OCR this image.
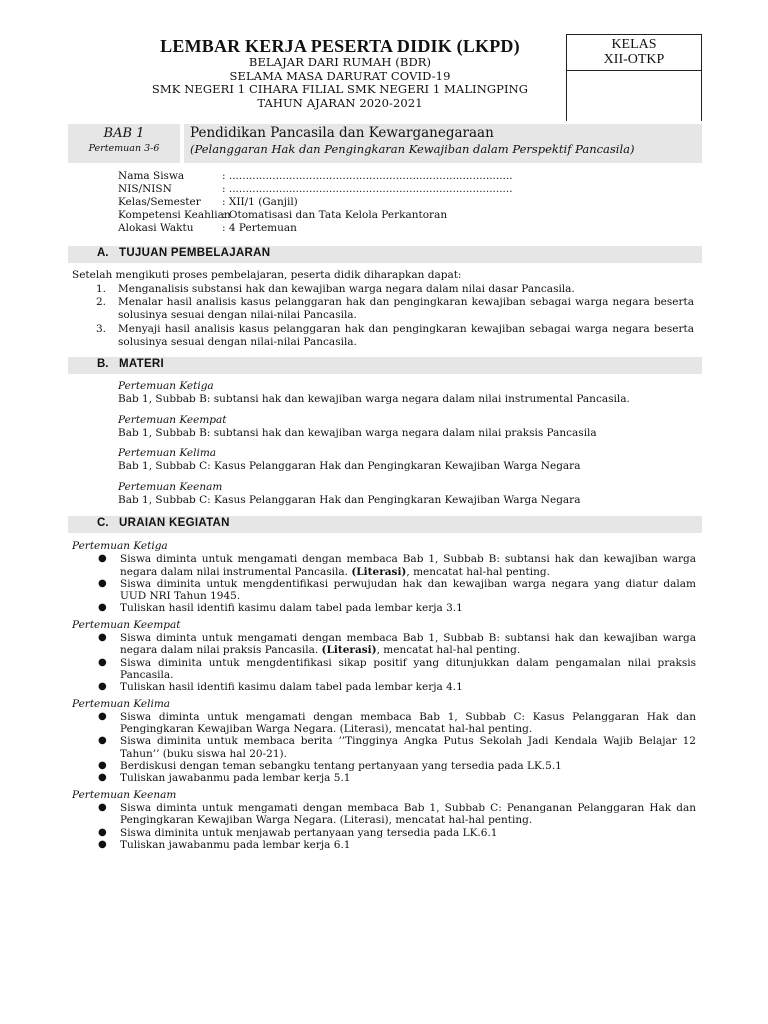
LEMBAR KERJA PESERTA DIDIK (LKPD)
BELAJAR DARI RUMAH (BDR)
SELAMA MASA DARURAT COVID-19
SMK NEGERI 1 CIHARA FILIAL SMK NEGERI 1 MALINGPING
TAHUN AJARAN 2020-2021
KELAS
XII-OTKP
BAB 1
Pertemuan 3-6
Pendidikan Pancasila dan Kewarganegaraan
(Pelanggaran Hak dan Pengingkaran Kewajiban dalam Perspektif Pancasila)
Nama Siswa	: .....................................................................................
NIS/NISN	: .....................................................................................
Kelas/Semester : XII/1 (Ganjil)
Kompetensi Keahlian
: Otomatisasi dan Tata Kelola Perkantoran
Alokasi Waktu	: 4 Pertemuan
A. TUJUAN PEMBELAJARAN
Setelah mengikuti proses pembelajaran, peserta didik diharapkan dapat:
1. Menganalisis substansi hak dan kewajiban warga negara dalam nilai dasar Pancasila.
2. Menalar hasil analisis kasus pelanggaran hak dan pengingkaran kewajiban sebagai warga negara beserta solusinya sesuai dengan nilai-nilai Pancasila.
3. Menyaji hasil analisis kasus pelanggaran hak dan pengingkaran kewajiban sebagai warga negara beserta solusinya sesuai dengan nilai-nilai Pancasila.
B. MATERI
Pertemuan Ketiga
Bab 1, Subbab B: subtansi hak dan kewajiban warga negara dalam nilai instrumental Pancasila.
Pertemuan Keempat
Bab 1, Subbab B: subtansi hak dan kewajiban warga negara dalam nilai praksis Pancasila
Pertemuan Kelima
Bab 1, Subbab C: Kasus Pelanggaran Hak dan Pengingkaran Kewajiban Warga Negara
Pertemuan Keenam
Bab 1, Subbab C: Kasus Pelanggaran Hak dan Pengingkaran Kewajiban Warga Negara
C. URAIAN KEGIATAN
Pertemuan Ketiga
● Siswa diminta untuk mengamati dengan membaca Bab 1, Subbab B: subtansi hak dan kewajiban warga negara dalam nilai instrumental Pancasila. (Literasi), mencatat hal-hal penting.
● Siswa diminita untuk mengdentifikasi perwujudan hak dan kewajiban warga negara yang diatur dalam UUD NRI Tahun 1945.
● Tuliskan hasil identifi kasimu dalam tabel pada lembar kerja 3.1
Pertemuan Keempat
● Siswa diminta untuk mengamati dengan membaca Bab 1, Subbab B: subtansi hak dan kewajiban warga negara dalam nilai praksis Pancasila. (Literasi), mencatat hal-hal penting.
● Siswa diminita untuk mengdentifikasi sikap positif yang ditunjukkan dalam pengamalan nilai praksis Pancasila.
● Tuliskan hasil identifi kasimu dalam tabel pada lembar kerja 4.1
Pertemuan Kelima
● Siswa diminta untuk mengamati dengan membaca Bab 1, Subbab C: Kasus Pelanggaran Hak dan Pengingkaran Kewajiban Warga Negara. (Literasi), mencatat hal-hal penting.
● Siswa diminita untuk membaca berita ’’Tingginya Angka Putus Sekolah Jadi Kendala Wajib Belajar 12 Tahun’’ (buku siswa hal 20-21).
● Berdiskusi dengan teman sebangku tentang pertanyaan yang tersedia pada LK.5.1
● Tuliskan jawabanmu pada lembar kerja 5.1
Pertemuan Keenam
● Siswa diminta untuk mengamati dengan membaca Bab 1, Subbab C: Penanganan Pelanggaran Hak dan Pengingkaran Kewajiban Warga Negara. (Literasi), mencatat hal-hal penting.
● Siswa diminita untuk menjawab pertanyaan yang tersedia pada LK.6.1
● Tuliskan jawabanmu pada lembar kerja 6.1
